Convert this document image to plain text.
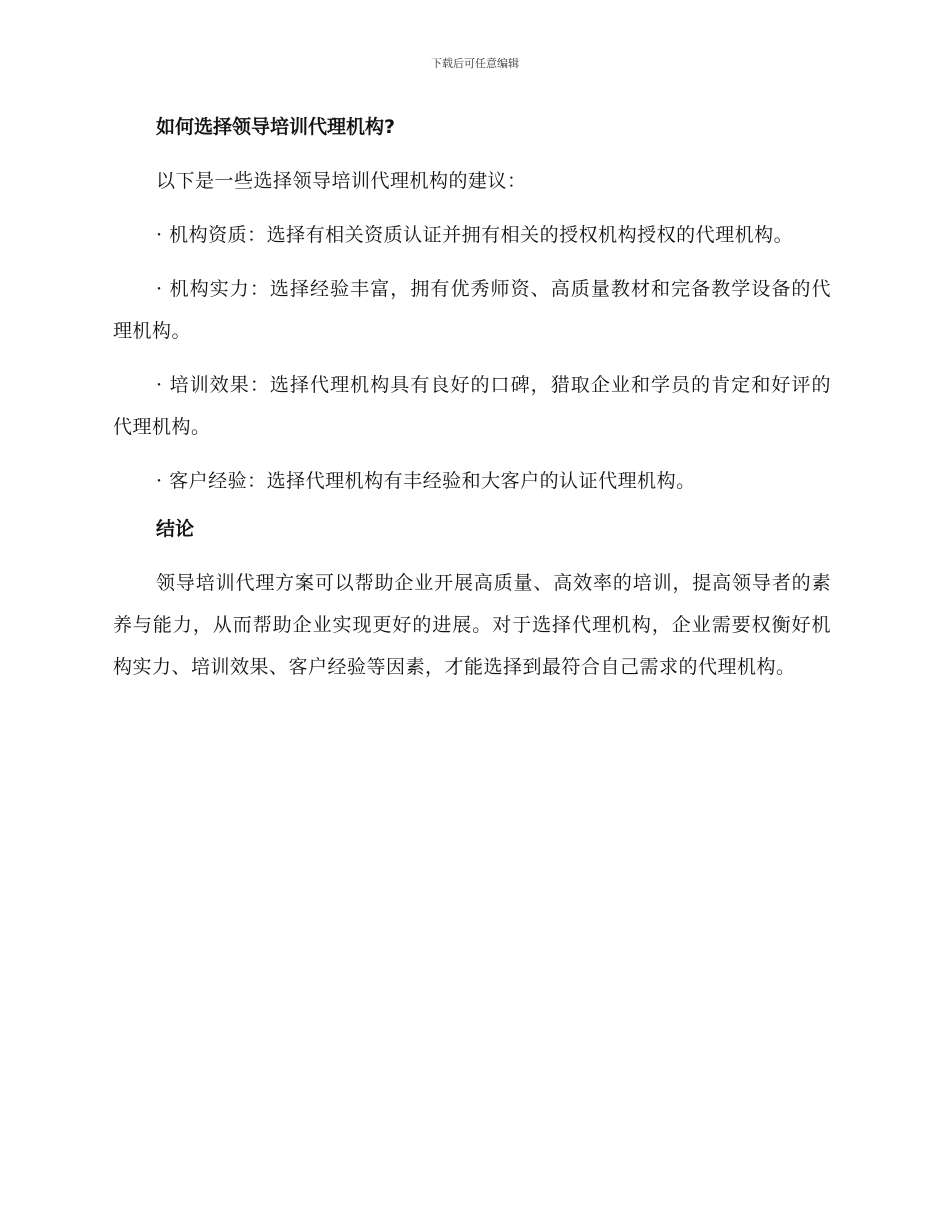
下载后可任意编辑
如何选择领导培训代理机构?

以下是一些选择领导培训代理机构的建议：

· 机构资质：选择有相关资质认证并拥有相关的授权机构授权的代理机构。

· 机构实力：选择经验丰富，拥有优秀师资、高质量教材和完备教学设备的代理机构。

· 培训效果：选择代理机构具有良好的口碑，猎取企业和学员的肯定和好评的代理机构。

· 客户经验：选择代理机构有丰经验和大客户的认证代理机构。

结论

领导培训代理方案可以帮助企业开展高质量、高效率的培训，提高领导者的素养与能力，从而帮助企业实现更好的进展。对于选择代理机构，企业需要权衡好机构实力、培训效果、客户经验等因素，才能选择到最符合自己需求的代理机构。
